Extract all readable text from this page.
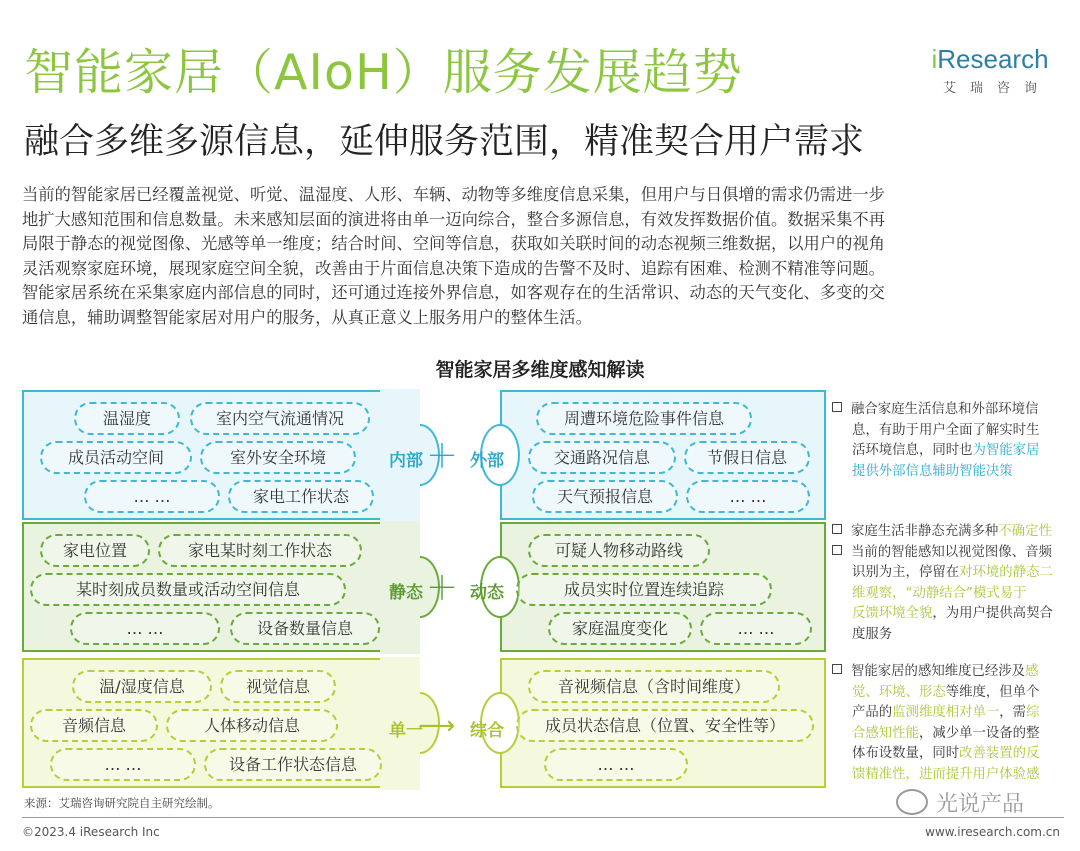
智能家居（AIoH）服务发展趋势
融合多维多源信息，延伸服务范围，精准契合用户需求
iResearch
艾瑞咨询

当前的智能家居已经覆盖视觉、听觉、温湿度、人形、车辆、动物等多维度信息采集，但用户与日俱增的需求仍需进一步

地扩大感知范围和信息数量。未来感知层面的演进将由单一迈向综合，整合多源信息，有效发挥数据价值。数据采集不再

局限于静态的视觉图像、光感等单一维度；结合时间、空间等信息，获取如关联时间的动态视频三维数据，以用户的视角

灵活观察家庭环境，展现家庭空间全貌，改善由于片面信息决策下造成的告警不及时、追踪有困难、检测不精准等问题。

智能家居系统在采集家庭内部信息的同时，还可通过连接外界信息，如客观存在的生活常识、动态的天气变化、多变的交

通信息，辅助调整智能家居对用户的服务，从真正意义上服务用户的整体生活。

智能家居多维度感知解读
温湿度	室内空气流通情况
成员活动空间	室外安全环境
… …	家电工作状态
内部 ＋ 外部
周遭环境危险事件信息
交通路况信息	节假日信息
天气预报信息	… …
家电位置	家电某时刻工作状态
某时刻成员数量或活动空间信息
… …	设备数量信息
静态 ＋ 动态
可疑人物移动路线
成员实时位置连续追踪
家庭温度变化	… …
温/湿度信息	视觉信息
音频信息	人体移动信息
… …	设备工作状态信息
单一
⟶ 综合
音视频信息（含时间维度）
成员状态信息（位置、安全性等）
… …
融合家庭生活信息和外部环境信
息，有助于用户全面了解实时生
活环境信息，同时也为智能家居
提供外部信息辅助智能决策
家庭生活非静态充满多种不确定性
当前的智能感知以视觉图像、音频
识别为主，停留在对环境的静态二
维观察，“动静结合”模式易于
反馈环境全貌，为用户提供高契合
度服务
智能家居的感知维度已经涉及感
觉、环境、形态等维度，但单个
产品的监测维度相对单一，需综
合感知性能，减少单一设备的整
体布设数量，同时改善装置的反
馈精准性，进而提升用户体验感
光说产品
来源：艾瑞咨询研究院自主研究绘制。
©2023.4 iResearch Inc	www.iresearch.com.cn
